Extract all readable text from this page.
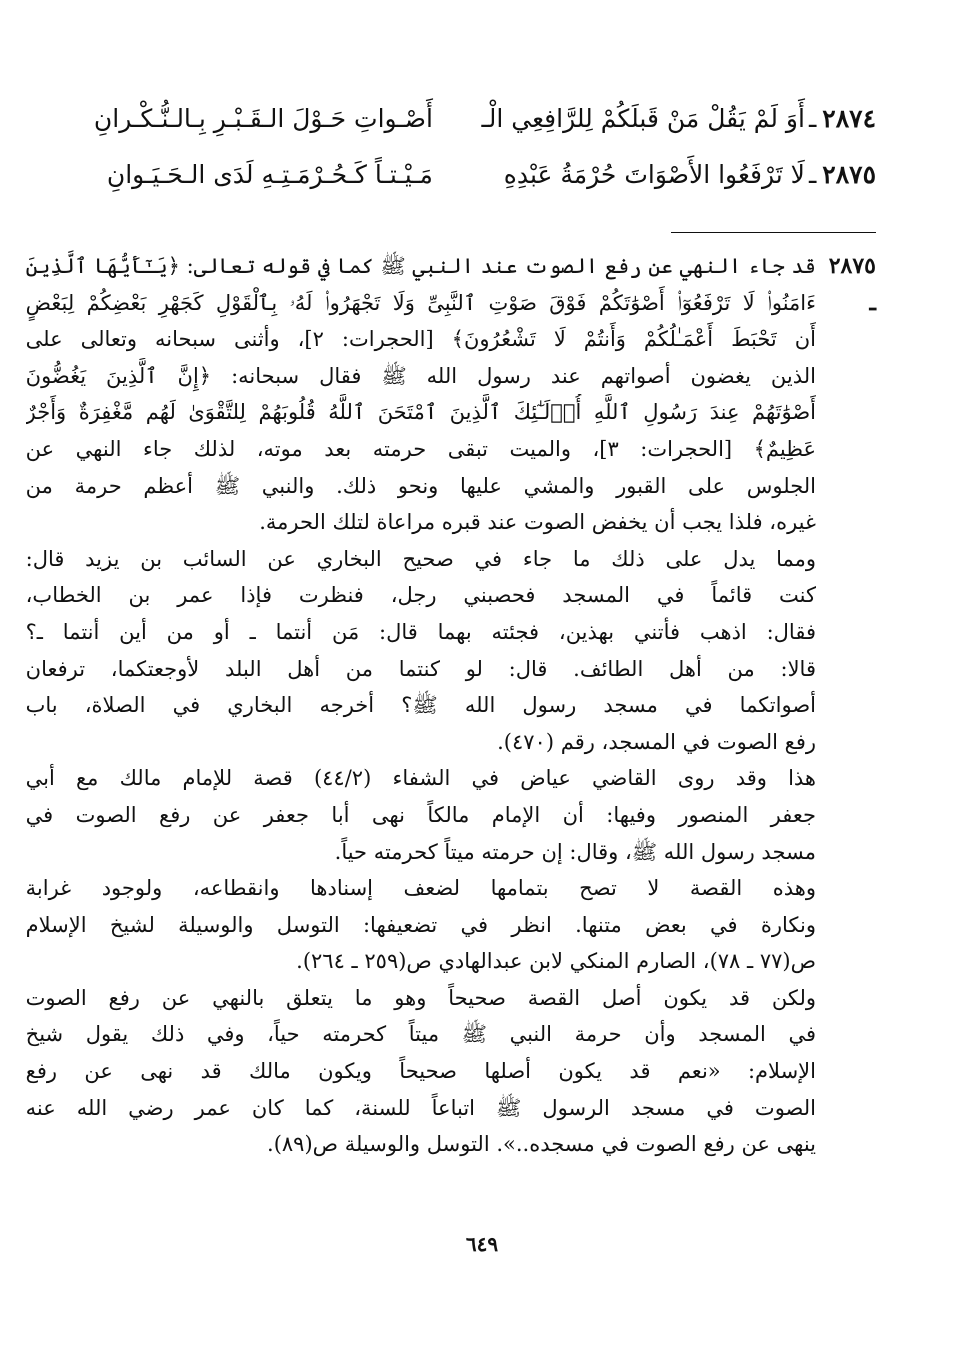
٢٨٧٤
ـ
أَوَ لَمْ يَقُلْ مَنْ قَبلَكُمْ لِلرَّافِعِي الْـ
أَصْـواتِ حَـوْلَ الـقَـبْـرِ بِـالـنُّـكْـرانِ
٢٨٧٥
ـ
لَا تَرْفَعُوا الأَصْوَاتَ حُرْمَةُ عَبْدِهِ
مَـيْـتـاً كَـحُـرْمَـتِـهِ لَدَى الـحَـيَـوانِ
٢٨٧٥ ـ
قد جاء النهي عن رفع الصوت عند النبي ﷺ كما في قوله تعالى: ﴿يَـٰٓأَيُّهَا ٱلَّذِينَ
ءَامَنُوا۟ لَا تَرْفَعُوٓا۟ أَصْوَٰتَكُمْ فَوْقَ صَوْتِ ٱلنَّبِىِّ وَلَا تَجْهَرُوا۟ لَهُۥ بِٱلْقَوْلِ كَجَهْرِ بَعْضِكُمْ لِبَعْضٍ
أَن تَحْبَطَ أَعْمَـٰلُكُمْ وَأَنتُمْ لَا تَشْعُرُونَ﴾ [الحجرات: ٢]، وأثنى سبحانه وتعالى على
الذين يغضون أصواتهم عند رسول الله ﷺ فقال سبحانه: ﴿إِنَّ ٱلَّذِينَ يَغُضُّونَ
أَصْوَٰتَهُمْ عِندَ رَسُولِ ٱللَّهِ أُو۟لَـٰٓئِكَ ٱلَّذِينَ ٱمْتَحَنَ ٱللَّهُ قُلُوبَهُمْ لِلتَّقْوَىٰ لَهُم مَّغْفِرَةٌ وَأَجْرٌ
عَظِيمٌ﴾ [الحجرات: ٣]، والميت تبقى حرمته بعد موته، لذلك جاء النهي عن
الجلوس على القبور والمشي عليها ونحو ذلك. والنبي ﷺ أعظم حرمة من
غيره، فلذا يجب أن يخفض الصوت عند قبره مراعاة لتلك الحرمة.
ومما يدل على ذلك ما جاء في صحيح البخاري عن السائب بن يزيد قال:
كنت قائماً في المسجد فحصبني رجل، فنظرت فإذا عمر بن الخطاب،
فقال: اذهب فأتني بهذين، فجئته بهما قال: مَن أنتما ـ أو من أين أنتما ـ؟
قالا: من أهل الطائف. قال: لو كنتما من أهل البلد لأوجعتكما، ترفعان
أصواتكما في مسجد رسول الله ﷺ؟ أخرجه البخاري في الصلاة، باب
رفع الصوت في المسجد، رقم (٤٧٠).
هذا وقد روى القاضي عياض في الشفاء (٤٤/٢) قصة للإمام مالك مع أبي
جعفر المنصور وفيها: أن الإمام مالكاً نهى أبا جعفر عن رفع الصوت في
مسجد رسول الله ﷺ، وقال: إن حرمته ميتاً كحرمته حياً.
وهذه القصة لا تصح بتمامها لضعف إسنادها وانقطاعه، ولوجود غرابة
ونكارة في بعض متنها. انظر في تضعيفها: التوسل والوسيلة لشيخ الإسلام
ص(٧٧ ـ ٧٨)، الصارم المنكي لابن عبدالهادي ص(٢٥٩ ـ ٢٦٤).
ولكن قد يكون أصل القصة صحيحاً وهو ما يتعلق بالنهي عن رفع الصوت
في المسجد وأن حرمة النبي ﷺ ميتاً كحرمته حياً، وفي ذلك يقول شيخ
الإسلام: «نعم قد يكون أصلها صحيحاً ويكون مالك قد نهى عن رفع
الصوت في مسجد الرسول ﷺ اتباعاً للسنة، كما كان عمر رضي الله عنه
ينهى عن رفع الصوت في مسجده..». التوسل والوسيلة ص(٨٩).
٦٤٩
